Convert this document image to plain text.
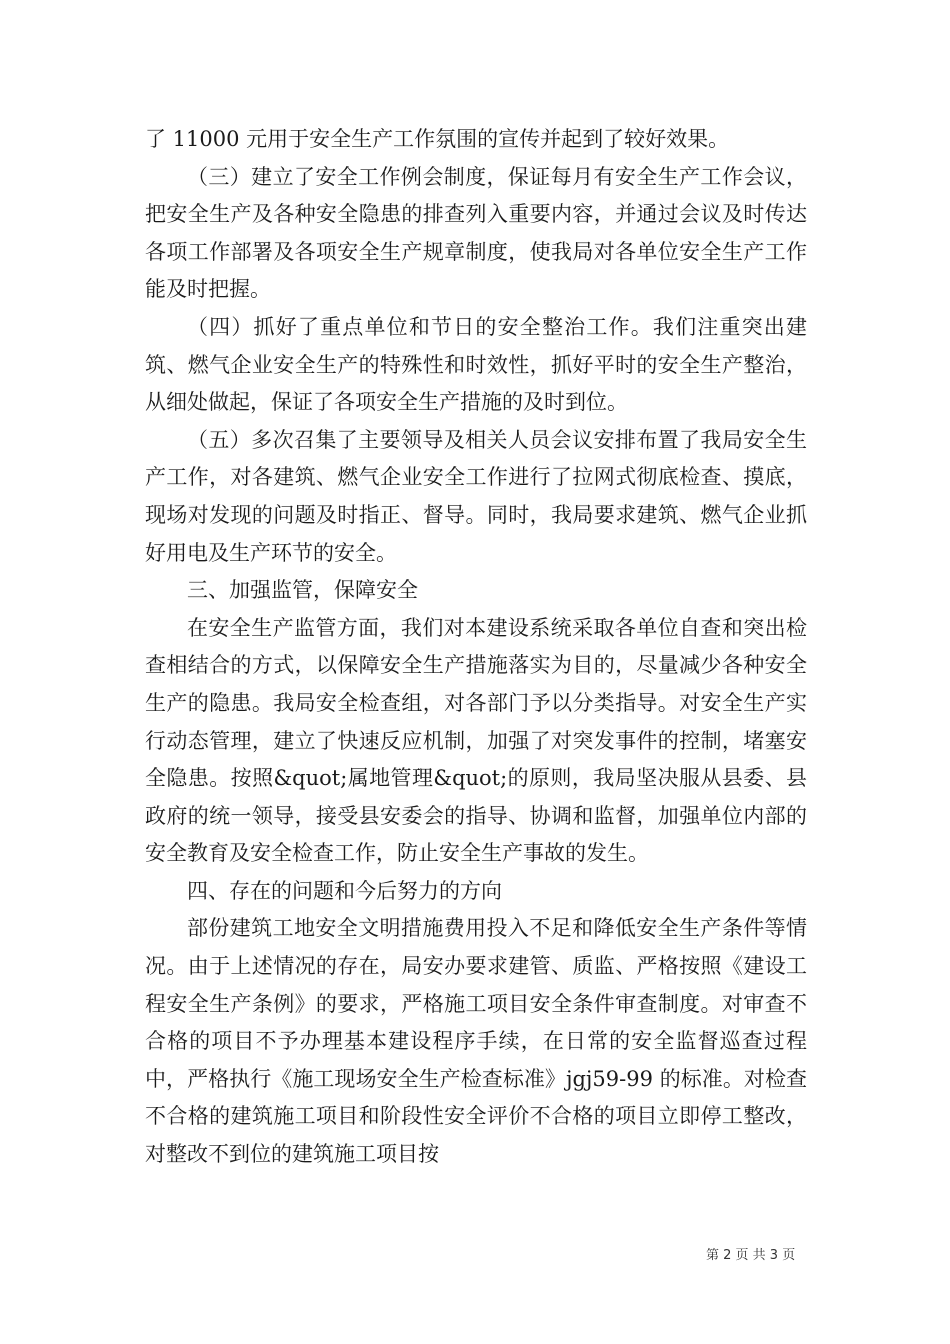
了 11000 元用于安全生产工作氛围的宣传并起到了较好效果。

（三）建立了安全工作例会制度，保证每月有安全生产工作会议，把安全生产及各种安全隐患的排查列入重要内容，并通过会议及时传达各项工作部署及各项安全生产规章制度，使我局对各单位安全生产工作能及时把握。

（四）抓好了重点单位和节日的安全整治工作。我们注重突出建筑、燃气企业安全生产的特殊性和时效性，抓好平时的安全生产整治，从细处做起，保证了各项安全生产措施的及时到位。

（五）多次召集了主要领导及相关人员会议安排布置了我局安全生产工作，对各建筑、燃气企业安全工作进行了拉网式彻底检查、摸底，现场对发现的问题及时指正、督导。同时，我局要求建筑、燃气企业抓好用电及生产环节的安全。

三、加强监管，保障安全

在安全生产监管方面，我们对本建设系统采取各单位自查和突出检查相结合的方式，以保障安全生产措施落实为目的，尽量减少各种安全生产的隐患。我局安全检查组，对各部门予以分类指导。对安全生产实行动态管理，建立了快速反应机制，加强了对突发事件的控制，堵塞安全隐患。按照&quot;属地管理&quot;的原则，我局坚决服从县委、县政府的统一领导，接受县安委会的指导、协调和监督，加强单位内部的安全教育及安全检查工作，防止安全生产事故的发生。

四、存在的问题和今后努力的方向

部份建筑工地安全文明措施费用投入不足和降低安全生产条件等情况。由于上述情况的存在，局安办要求建管、质监、严格按照《建设工程安全生产条例》的要求，严格施工项目安全条件审查制度。对审查不合格的项目不予办理基本建设程序手续，在日常的安全监督巡查过程中，严格执行《施工现场安全生产检查标准》jgj59-99 的标准。对检查不合格的建筑施工项目和阶段性安全评价不合格的项目立即停工整改，对整改不到位的建筑施工项目按

第 2 页 共 3 页
